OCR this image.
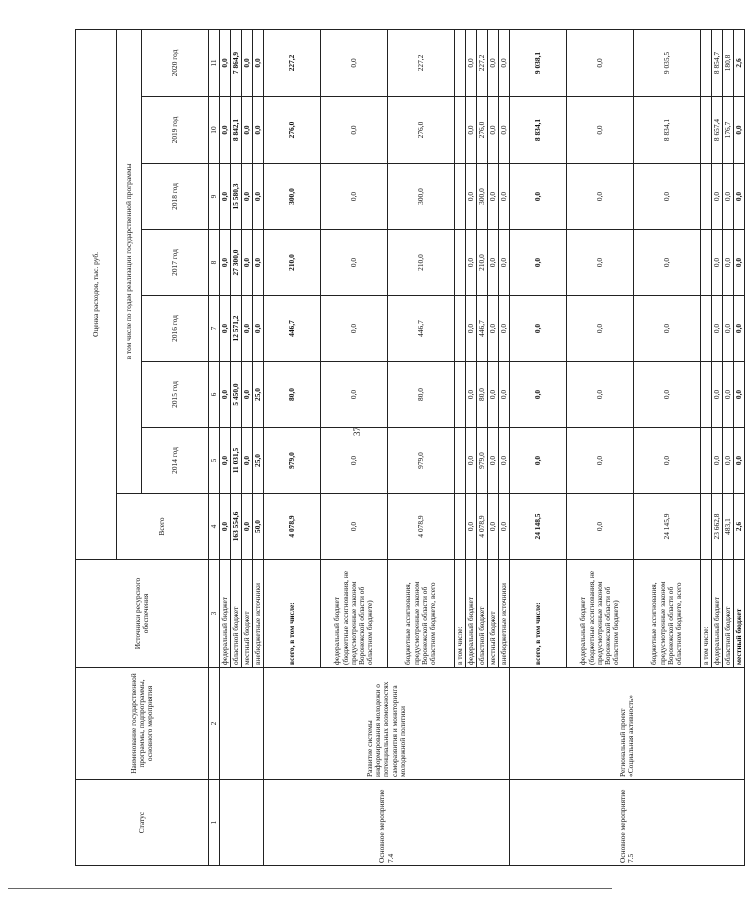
37
Статус	Наименование государственной программы, подпрограммы, основного мероприятия	Источники ресурсного обеспечения	Оценка расходов, тыс. руб.							
			Всего	в том числе по годам реализации государственной программы						
				2014 год	2015 год	2016 год	2017 год	2018 год	2019 год	2020 год
1	2	3	4	5	6	7	8	9	10	11
		федеральный бюджет	0,0	0,0	0,0	0,0	0,0	0,0	0,0	0,0
		областной бюджет	163 554,6	11 031,5	5 450,0	12 571,2	27 300,0	15 580,3	8 842,1	7 864,9
		местный бюджет	0,0	0,0	0,0	0,0	0,0	0,0	0,0	0,0
		внебюджетные источники	50,0	25,0	25,0	0,0	0,0	0,0	0,0	0,0
Основное мероприятие 7.4	Развитие системы информирования молодежи о потенциальных возможностях саморазвития и мониторинга молодежной политики	всего, в том числе:	4 078,9	979,0	80,0	446,7	210,0	300,0	276,0	227,2
		федеральный бюджет (бюджетные ассигнования, не предусмотренные законом Воронежской области об областном бюджете)	0,0	0,0	0,0	0,0	0,0	0,0	0,0	0,0
		бюджетные ассигнования, предусмотренные законом Воронежской области об областном бюджете, всего	4 078,9	979,0	80,0	446,7	210,0	300,0	276,0	227,2
		в том числе:								
		федеральный бюджет	0,0	0,0	0,0	0,0	0,0	0,0	0,0	0,0
		областной бюджет	4 078,9	979,0	80,0	446,7	210,0	300,0	276,0	227,2
		местный бюджет	0,0	0,0	0,0	0,0	0,0	0,0	0,0	0,0
		внебюджетные источники	0,0	0,0	0,0	0,0	0,0	0,0	0,0	0,0
Основное мероприятие 7.5	Региональный проект «Социальная активность»	всего, в том числе:	24 148,5	0,0	0,0	0,0	0,0	0,0	8 834,1	9 038,1
		федеральный бюджет (бюджетные ассигнования, не предусмотренные законом Воронежской области об областном бюджете)	0,0	0,0	0,0	0,0	0,0	0,0	0,0	0,0
		бюджетные ассигнования, предусмотренные законом Воронежской области об областном бюджете, всего	24 145,9	0,0	0,0	0,0	0,0	0,0	8 834,1	9 035,5
		в том числе:								
		федеральный бюджет	23 662,8	0,0	0,0	0,0	0,0	0,0	8 657,4	8 854,7
		областной бюджет	483,1	0,0	0,0	0,0	0,0	0,0	176,7	180,8
		местный бюджет	2,6	0,0	0,0	0,0	0,0	0,0	0,0	2,6
